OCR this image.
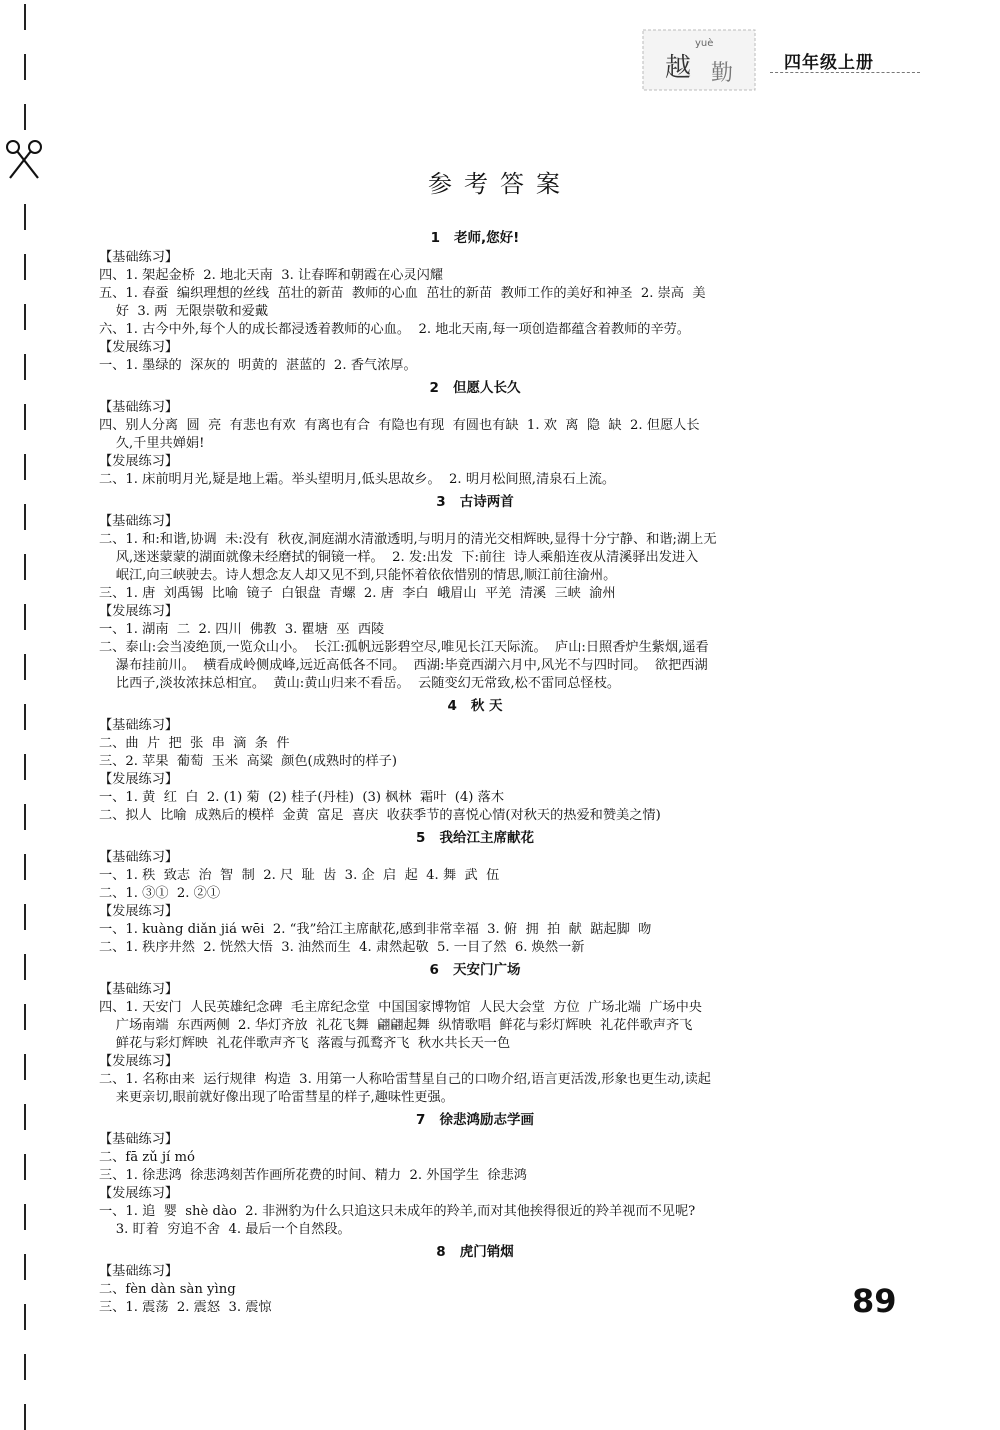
yuè
越 勤	四年级上册
参考答案
1 老师,您好!
【基础练习】
四、1. 架起金桥  2. 地北天南  3. 让春晖和朝霞在心灵闪耀
五、1. 春蚕  编织理想的丝线  茁壮的新苗  教师的心血  茁壮的新苗  教师工作的美好和神圣  2. 崇高  美
好  3. 两  无限崇敬和爱戴
六、1. 古今中外,每个人的成长都浸透着教师的心血。  2. 地北天南,每一项创造都蕴含着教师的辛劳。
【发展练习】
一、1. 墨绿的  深灰的  明黄的  湛蓝的  2. 香气浓厚。
2 但愿人长久
【基础练习】
四、别人分离  圆  亮  有悲也有欢  有离也有合  有隐也有现  有圆也有缺  1. 欢  离  隐  缺  2. 但愿人长
久,千里共婵娟!
【发展练习】
二、1. 床前明月光,疑是地上霜。举头望明月,低头思故乡。  2. 明月松间照,清泉石上流。
3 古诗两首
【基础练习】
二、1. 和:和谐,协调  未:没有  秋夜,洞庭湖水清澈透明,与明月的清光交相辉映,显得十分宁静、和谐;湖上无
风,迷迷蒙蒙的湖面就像未经磨拭的铜镜一样。  2. 发:出发  下:前往  诗人乘船连夜从清溪驿出发进入
岷江,向三峡驶去。诗人想念友人却又见不到,只能怀着依依惜别的情思,顺江前往渝州。
三、1. 唐  刘禹锡  比喻  镜子  白银盘  青螺  2. 唐  李白  峨眉山  平羌  清溪  三峡  渝州
【发展练习】
一、1. 湖南  二  2. 四川  佛教  3. 瞿塘  巫  西陵
二、泰山:会当凌绝顶,一览众山小。  长江:孤帆远影碧空尽,唯见长江天际流。  庐山:日照香炉生紫烟,遥看
瀑布挂前川。  横看成岭侧成峰,远近高低各不同。  西湖:毕竟西湖六月中,风光不与四时同。  欲把西湖
比西子,淡妆浓抹总相宜。  黄山:黄山归来不看岳。  云随变幻无常致,松不雷同总怪枝。
4 秋 天
【基础练习】
二、曲  片  把  张  串  滴  条  件
三、2. 苹果  葡萄  玉米  高粱  颜色(成熟时的样子)
【发展练习】
一、1. 黄  红  白  2. (1) 菊  (2) 桂子(丹桂)  (3) 枫林  霜叶  (4) 落木
二、拟人  比喻  成熟后的模样  金黄  富足  喜庆  收获季节的喜悦心情(对秋天的热爱和赞美之情)
5 我给江主席献花
【基础练习】
一、1. 秩  致志  治  智  制  2. 尺  耻  齿  3. 企  启  起  4. 舞  武  伍
二、1. ③①  2. ②①
【发展练习】
一、1. kuàng diǎn jiá wēi  2. “我”给江主席献花,感到非常幸福  3. 俯  拥  拍  献  踮起脚  吻
二、1. 秩序井然  2. 恍然大悟  3. 油然而生  4. 肃然起敬  5. 一目了然  6. 焕然一新
6 天安门广场
【基础练习】
四、1. 天安门  人民英雄纪念碑  毛主席纪念堂  中国国家博物馆  人民大会堂  方位  广场北端  广场中央
广场南端  东西两侧  2. 华灯齐放  礼花飞舞  翩翩起舞  纵情歌唱  鲜花与彩灯辉映  礼花伴歌声齐飞
鲜花与彩灯辉映  礼花伴歌声齐飞  落霞与孤鹜齐飞  秋水共长天一色
【发展练习】
二、1. 名称由来  运行规律  构造  3. 用第一人称哈雷彗星自己的口吻介绍,语言更活泼,形象也更生动,读起
来更亲切,眼前就好像出现了哈雷彗星的样子,趣味性更强。
7 徐悲鸿励志学画
【基础练习】
二、fā zǔ jí mó
三、1. 徐悲鸿  徐悲鸿刻苦作画所花费的时间、精力  2. 外国学生  徐悲鸿
【发展练习】
一、1. 追  婴  shè dào  2. 非洲豹为什么只追这只未成年的羚羊,而对其他挨得很近的羚羊视而不见呢?
3. 盯着  穷追不舍  4. 最后一个自然段。
8 虎门销烟
【基础练习】
二、fèn dàn sàn yìng
三、1. 震荡  2. 震怒  3. 震惊	89
